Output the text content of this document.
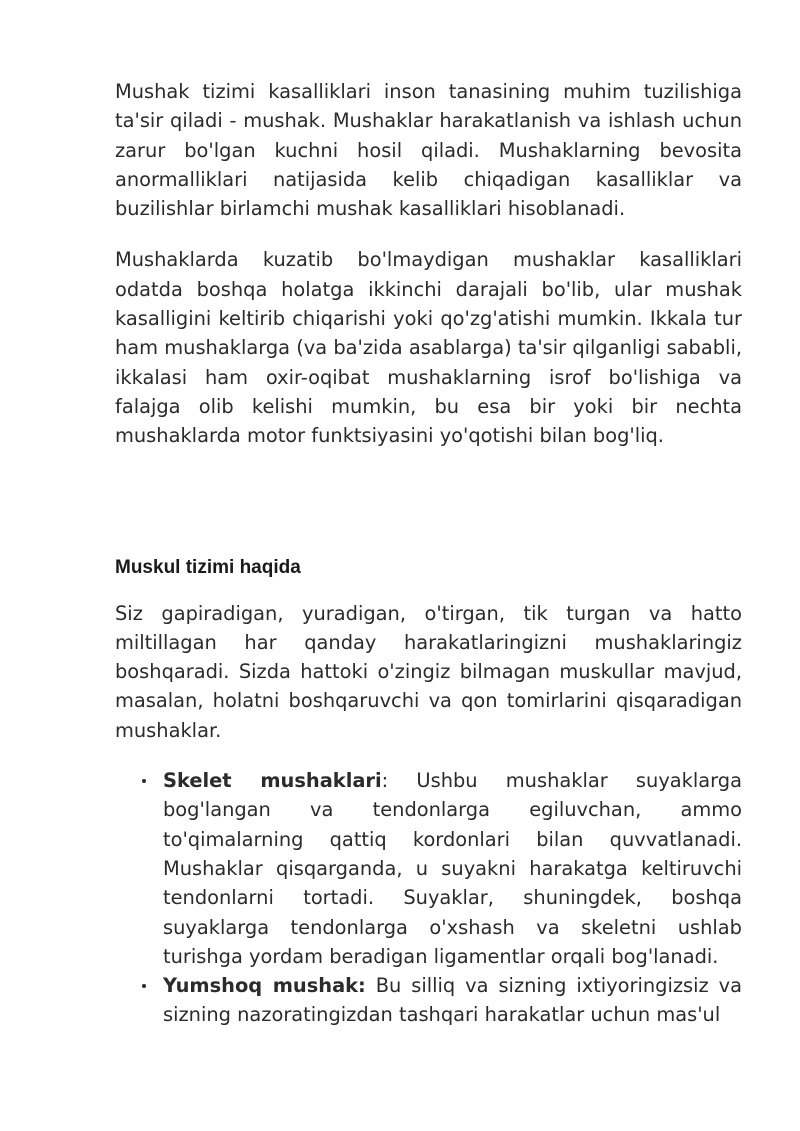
Mushak tizimi kasalliklari inson tanasining muhim tuzilishiga ta'sir qiladi - mushak. Mushaklar harakatlanish va ishlash uchun zarur bo'lgan kuchni hosil qiladi. Mushaklarning bevosita anormalliklari natijasida kelib chiqadigan kasalliklar va buzilishlar birlamchi mushak kasalliklari hisoblanadi.

Mushaklarda kuzatib bo'lmaydigan mushaklar kasalliklari odatda boshqa holatga ikkinchi darajali bo'lib, ular mushak kasalligini keltirib chiqarishi yoki qo'zg'atishi mumkin. Ikkala tur ham mushaklarga (va ba'zida asablarga) ta'sir qilganligi sababli, ikkalasi ham oxir-oqibat mushaklarning isrof bo'lishiga va falajga olib kelishi mumkin, bu esa bir yoki bir nechta mushaklarda motor funktsiyasini yo'qotishi bilan bog'liq.

Muskul tizimi haqida

Siz gapiradigan, yuradigan, o'tirgan, tik turgan va hatto miltillagan har qanday harakatlaringizni mushaklaringiz boshqaradi. Sizda hattoki o'zingiz bilmagan muskullar mavjud, masalan, holatni boshqaruvchi va qon tomirlarini qisqaradigan mushaklar.

Skelet mushaklari: Ushbu mushaklar suyaklarga bog'langan va tendonlarga egiluvchan, ammo to'qimalarning qattiq kordonlari bilan quvvatlanadi. Mushaklar qisqarganda, u suyakni harakatga keltiruvchi tendonlarni tortadi. Suyaklar, shuningdek, boshqa suyaklarga tendonlarga o'xshash va skeletni ushlab turishga yordam beradigan ligamentlar orqali bog'lanadi.
Yumshoq mushak: Bu silliq va sizning ixtiyoringizsiz va sizning nazoratingizdan tashqari harakatlar uchun mas'ul
